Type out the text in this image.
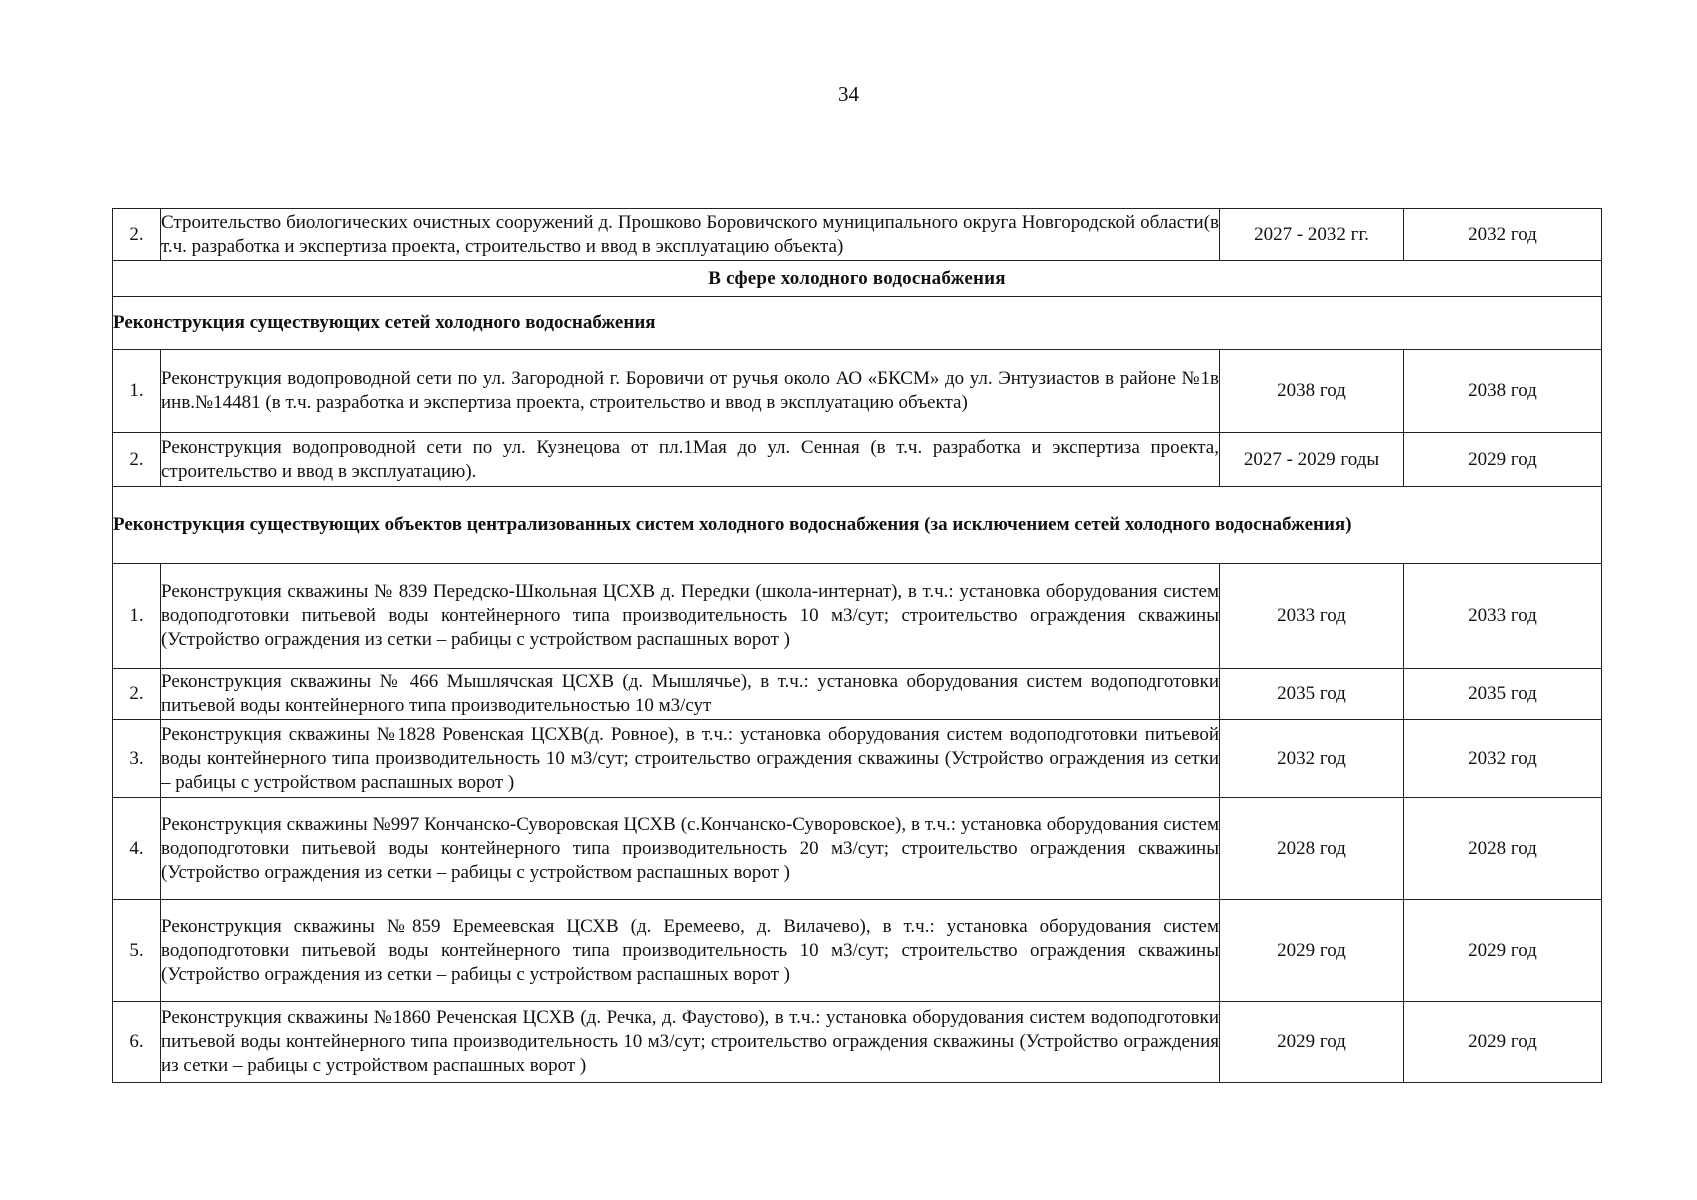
34
2.	Строительство биологических очистных сооружений д. Прошково Боровичского муниципального округа Новгородской области(в т.ч. разработка и экспертиза проекта, строительство и ввод в эксплуатацию объекта)	2027 - 2032 гг.	2032 год
В сфере холодного водоснабжения			
Реконструкция существующих сетей холодного водоснабжения			
1.	Реконструкция водопроводной сети по ул. Загородной г. Боровичи от ручья около АО «БКСМ» до ул. Энтузиастов в районе №1в инв.№14481 (в т.ч. разработка и экспертиза проекта, строительство и ввод в эксплуатацию объекта)	2038 год	2038 год
2.	Реконструкция водопроводной сети по ул. Кузнецова от пл.1Мая до ул. Сенная (в т.ч. разработка и экспертиза проекта, строительство и ввод в эксплуатацию).	2027 - 2029 годы	2029 год
Реконструкция существующих объектов централизованных систем холодного водоснабжения (за исключением сетей холодного водоснабжения)			
1.	Реконструкция скважины № 839 Передско-Школьная ЦСХВ д. Передки (школа-интернат), в т.ч.: установка оборудования систем водоподготовки питьевой воды контейнерного типа производительность 10 м3/сут; строительство ограждения скважины (Устройство ограждения из сетки – рабицы с устройством распашных ворот )	2033 год	2033 год
2.	Реконструкция скважины № 466 Мышлячская ЦСХВ (д. Мышлячье), в т.ч.: установка оборудования систем водоподготовки питьевой воды контейнерного типа производительностью 10 м3/сут	2035 год	2035 год
3.	Реконструкция скважины №1828 Ровенская ЦСХВ(д. Ровное), в т.ч.: установка оборудования систем водоподготовки питьевой воды контейнерного типа производительность 10 м3/сут; строительство ограждения скважины (Устройство ограждения из сетки – рабицы с устройством распашных ворот )	2032 год	2032 год
4.	Реконструкция скважины №997 Кончанско-Суворовская ЦСХВ (с.Кончанско-Суворовское), в т.ч.: установка оборудования систем водоподготовки питьевой воды контейнерного типа производительность 20 м3/сут; строительство ограждения скважины (Устройство ограждения из сетки – рабицы с устройством распашных ворот )	2028 год	2028 год
5.	Реконструкция скважины №859 Еремеевская ЦСХВ (д. Еремеево, д. Вилачево), в т.ч.: установка оборудования систем водоподготовки питьевой воды контейнерного типа производительность 10 м3/сут; строительство ограждения скважины (Устройство ограждения из сетки – рабицы с устройством распашных ворот )	2029 год	2029 год
6.	Реконструкция скважины №1860 Реченская ЦСХВ (д. Речка, д. Фаустово), в т.ч.: установка оборудования систем водоподготовки питьевой воды контейнерного типа производительность 10 м3/сут; строительство ограждения скважины (Устройство ограждения из сетки – рабицы с устройством распашных ворот )	2029 год	2029 год
